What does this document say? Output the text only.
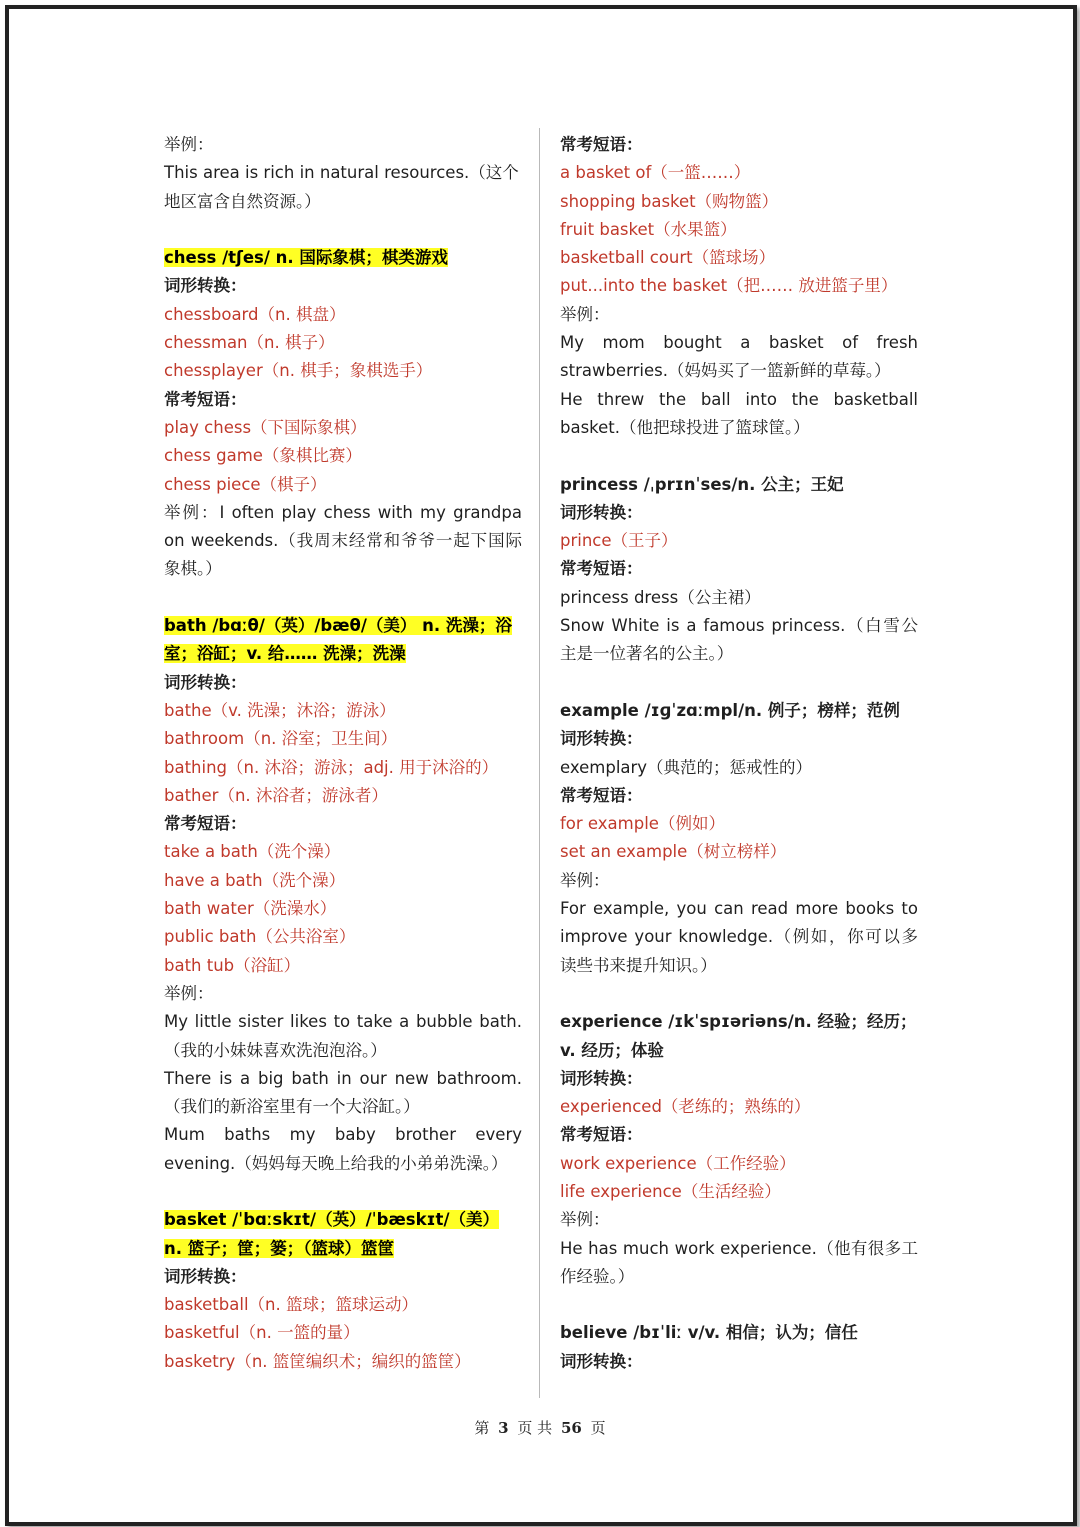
举例：
This area is rich in natural resources.（这个地区富含自然资源。）
chess /tʃes/ n. 国际象棋；棋类游戏
词形转换：
chessboard（n. 棋盘）
chessman（n. 棋子）
chessplayer（n. 棋手；象棋选手）
常考短语：
play chess（下国际象棋）
chess game（象棋比赛）
chess piece（棋子）
举例：I often play chess with my grandpa on weekends.（我周末经常和爷爷一起下国际象棋。）
bath /bɑːθ/（英）/bæθ/（美） n. 洗澡；浴室；浴缸；v. 给…… 洗澡；洗澡
词形转换：
bathe（v. 洗澡；沐浴；游泳）
bathroom（n. 浴室；卫生间）
bathing（n. 沐浴；游泳；adj. 用于沐浴的）
bather（n. 沐浴者；游泳者）
常考短语：
take a bath（洗个澡）
have a bath（洗个澡）
bath water（洗澡水）
public bath（公共浴室）
bath tub（浴缸）
举例：
My little sister likes to take a bubble bath.（我的小妹妹喜欢洗泡泡浴。）
There is a big bath in our new bathroom.（我们的新浴室里有一个大浴缸。）
Mum baths my baby brother every evening.（妈妈每天晚上给我的小弟弟洗澡。）
basket /ˈbɑːskɪt/（英）/ˈbæskɪt/（美） n. 篮子；筐；篓；（篮球）篮筐
词形转换：
basketball（n. 篮球；篮球运动）
basketful（n. 一篮的量）
basketry（n. 篮筐编织术；编织的篮筐）
常考短语：
a basket of（一篮……）
shopping basket（购物篮）
fruit basket（水果篮）
basketball court（篮球场）
put...into the basket（把…… 放进篮子里）
举例：
My mom bought a basket of fresh strawberries.（妈妈买了一篮新鲜的草莓。）
He threw the ball into the basketball basket.（他把球投进了篮球筐。）
princess /ˌprɪnˈses/n. 公主；王妃
词形转换：
prince（王子）
常考短语：
princess dress（公主裙）
Snow White is a famous princess.（白雪公主是一位著名的公主。）
example /ɪɡˈzɑːmpl/n. 例子；榜样；范例
词形转换：
exemplary（典范的；惩戒性的）
常考短语：
for example（例如）
set an example（树立榜样）
举例：
For example, you can read more books to improve your knowledge.（例如，你可以多读些书来提升知识。）
experience /ɪkˈspɪəriəns/n. 经验；经历；v. 经历；体验
词形转换：
experienced（老练的；熟练的）
常考短语：
work experience（工作经验）
life experience（生活经验）
举例：
He has much work experience.（他有很多工作经验。）
believe /bɪˈliː v/v. 相信；认为；信任
词形转换：
第 3 页 共 56 页
